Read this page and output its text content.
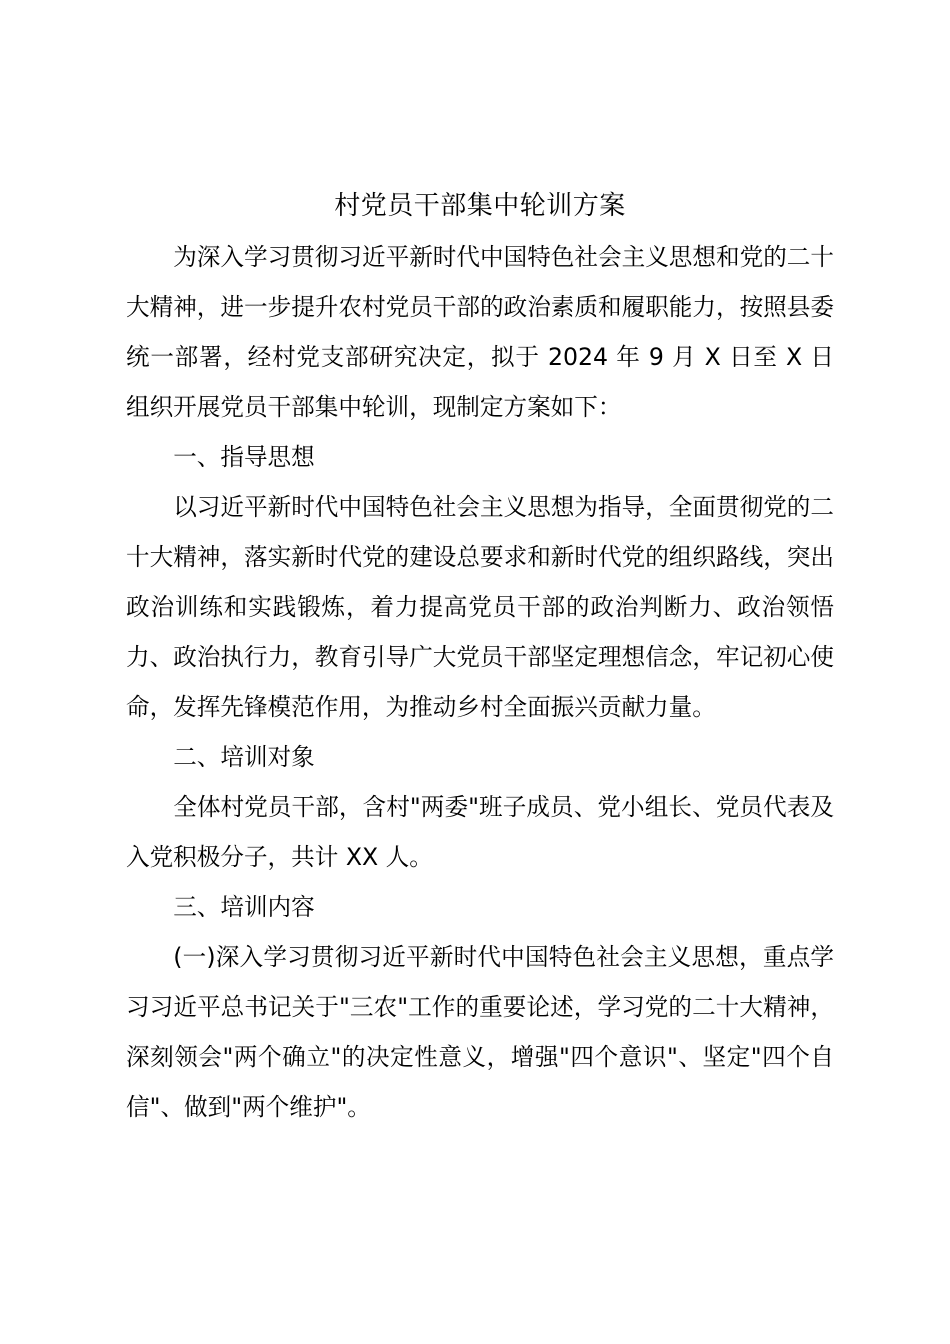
村党员干部集中轮训方案

为深入学习贯彻习近平新时代中国特色社会主义思想和党的二十大精神，进一步提升农村党员干部的政治素质和履职能力，按照县委统一部署，经村党支部研究决定，拟于 2024 年 9 月 X 日至 X 日组织开展党员干部集中轮训，现制定方案如下：

一、指导思想

以习近平新时代中国特色社会主义思想为指导，全面贯彻党的二十大精神，落实新时代党的建设总要求和新时代党的组织路线，突出政治训练和实践锻炼，着力提高党员干部的政治判断力、政治领悟力、政治执行力，教育引导广大党员干部坚定理想信念，牢记初心使命，发挥先锋模范作用，为推动乡村全面振兴贡献力量。

二、培训对象

全体村党员干部，含村"两委"班子成员、党小组长、党员代表及入党积极分子，共计 XX 人。

三、培训内容

(一)深入学习贯彻习近平新时代中国特色社会主义思想，重点学习习近平总书记关于"三农"工作的重要论述，学习党的二十大精神，深刻领会"两个确立"的决定性意义，增强"四个意识"、坚定"四个自信"、做到"两个维护"。
